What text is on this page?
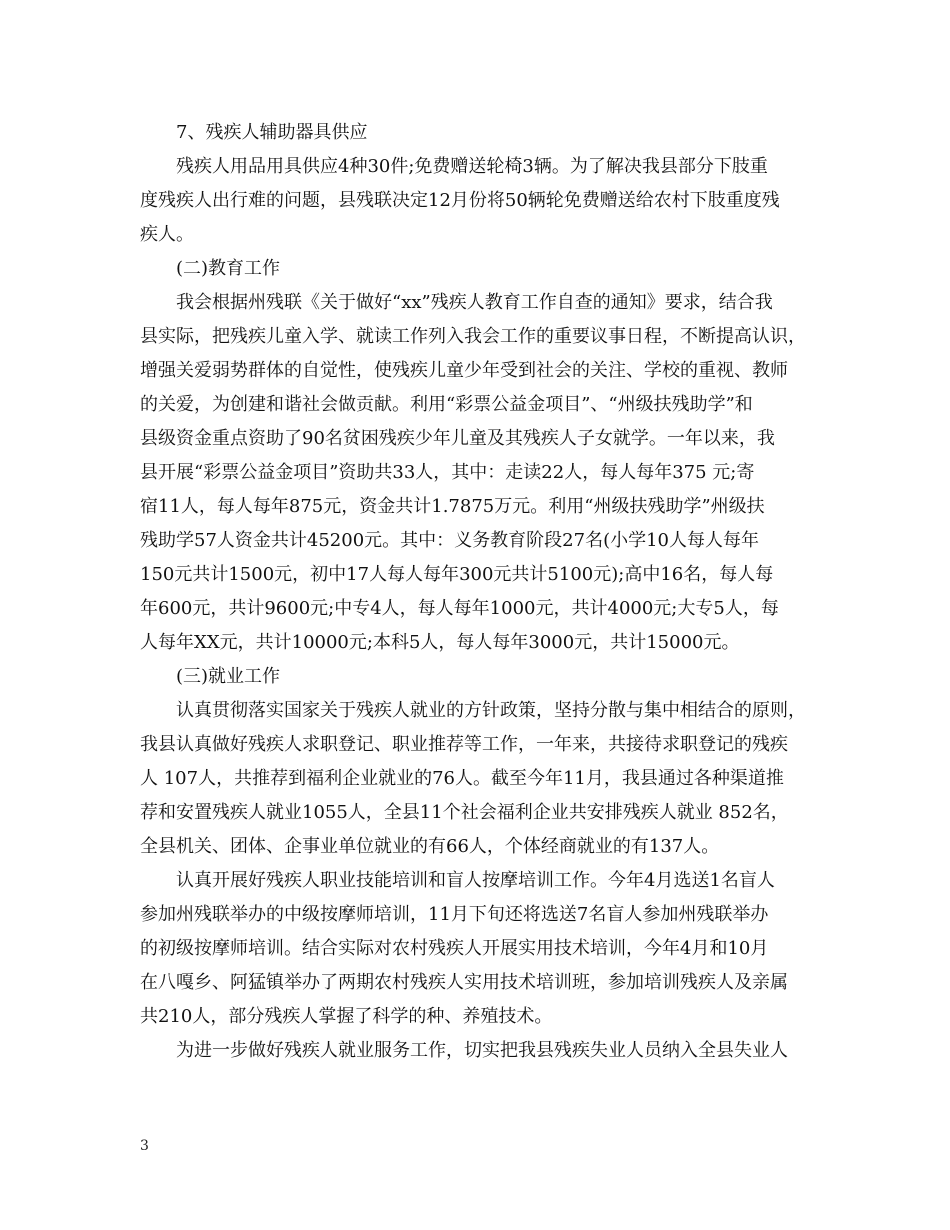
　　7、残疾人辅助器具供应
　　残疾人用品用具供应4种30件;免费赠送轮椅3辆。为了解决我县部分下肢重
度残疾人出行难的问题，县残联决定12月份将50辆轮免费赠送给农村下肢重度残
疾人。
　　(二)教育工作
　　我会根据州残联《关于做好“xx”残疾人教育工作自查的通知》要求，结合我
县实际，把残疾儿童入学、就读工作列入我会工作的重要议事日程，不断提高认识，
增强关爱弱势群体的自觉性，使残疾儿童少年受到社会的关注、学校的重视、教师
的关爱，为创建和谐社会做贡献。利用“彩票公益金项目”、“州级扶残助学”和
县级资金重点资助了90名贫困残疾少年儿童及其残疾人子女就学。一年以来，我
县开展“彩票公益金项目”资助共33人，其中：走读22人，每人每年375 元;寄
宿11人，每人每年875元，资金共计1.7875万元。利用“州级扶残助学”州级扶
残助学57人资金共计45200元。其中：义务教育阶段27名(小学10人每人每年
150元共计1500元，初中17人每人每年300元共计5100元);高中16名，每人每
年600元，共计9600元;中专4人，每人每年1000元，共计4000元;大专5人，每
人每年XX元，共计10000元;本科5人，每人每年3000元，共计15000元。
　　(三)就业工作
　　认真贯彻落实国家关于残疾人就业的方针政策，坚持分散与集中相结合的原则，
我县认真做好残疾人求职登记、职业推荐等工作，一年来，共接待求职登记的残疾
人 107人，共推荐到福利企业就业的76人。截至今年11月，我县通过各种渠道推
荐和安置残疾人就业1055人，全县11个社会福利企业共安排残疾人就业 852名，
全县机关、团体、企事业单位就业的有66人，个体经商就业的有137人。
　　认真开展好残疾人职业技能培训和盲人按摩培训工作。今年4月选送1名盲人
参加州残联举办的中级按摩师培训，11月下旬还将选送7名盲人参加州残联举办
的初级按摩师培训。结合实际对农村残疾人开展实用技术培训，今年4月和10月
在八嘎乡、阿猛镇举办了两期农村残疾人实用技术培训班，参加培训残疾人及亲属
共210人，部分残疾人掌握了科学的种、养殖技术。
　　为进一步做好残疾人就业服务工作，切实把我县残疾失业人员纳入全县失业人
3
